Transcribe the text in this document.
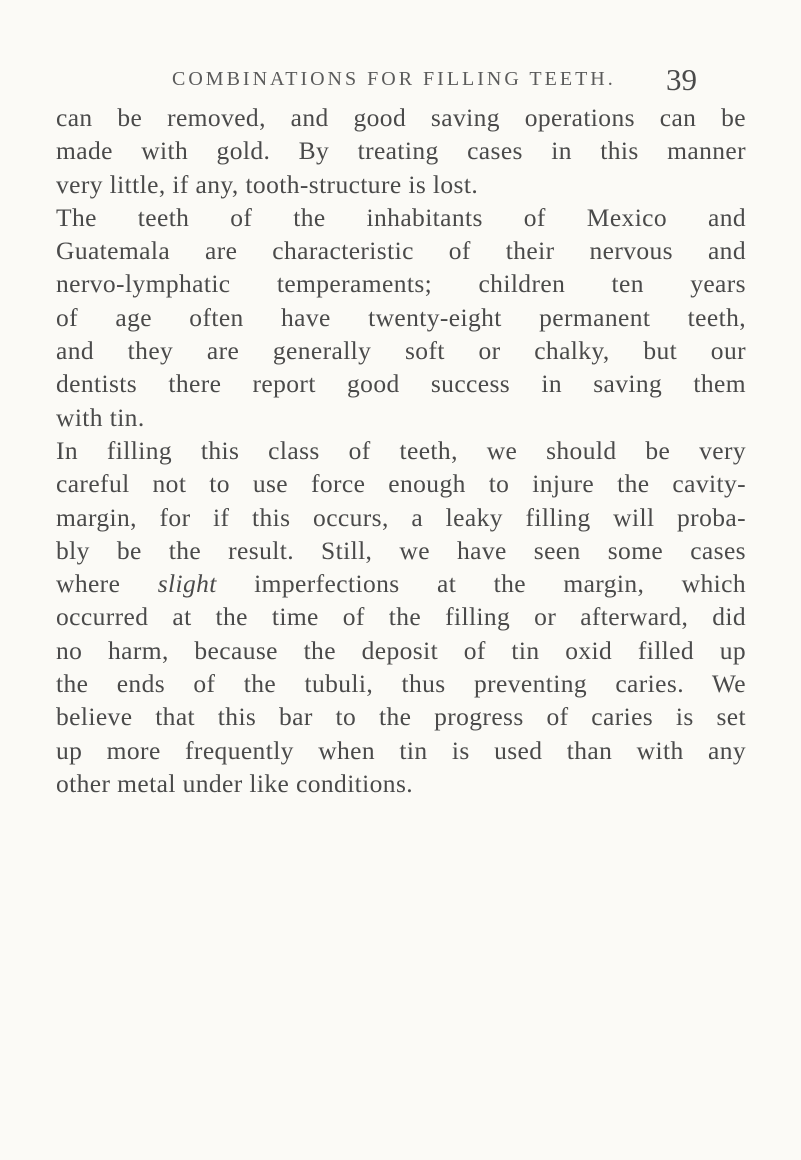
COMBINATIONS FOR FILLING TEETH. 39
can be removed, and good saving operations can be
made with gold. By treating cases in this manner
very little, if any, tooth-structure is lost.
The teeth of the inhabitants of Mexico and
Guatemala are characteristic of their nervous and
nervo-lymphatic temperaments; children ten years
of age often have twenty-eight permanent teeth,
and they are generally soft or chalky, but our
dentists there report good success in saving them
with tin.
In filling this class of teeth, we should be very
careful not to use force enough to injure the cavity-
margin, for if this occurs, a leaky filling will proba-
bly be the result. Still, we have seen some cases
where slight imperfections at the margin, which
occurred at the time of the filling or afterward, did
no harm, because the deposit of tin oxid filled up
the ends of the tubuli, thus preventing caries. We
believe that this bar to the progress of caries is set
up more frequently when tin is used than with any
other metal under like conditions.
